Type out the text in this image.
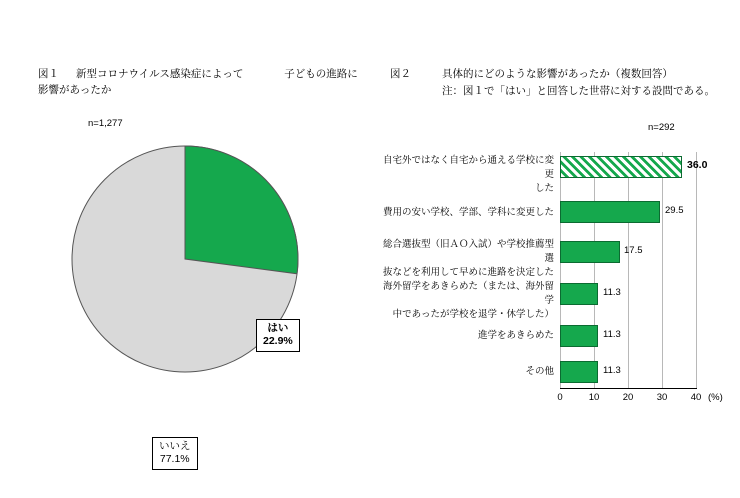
図１ 新型コロナウイルス感染症によって	子どもの進路に影響があったか
n=1,277
はい
22.9%
いいえ
77.1%
図２	具体的にどのような影響があったか（複数回答）
注：図１で「はい」と回答した世帯に対する設問である。
n=292
自宅外ではなく自宅から通える学校に変更
した
36.0
費用の安い学校、学部、学科に変更した	29.5
総合選抜型（旧ＡＯ入試）や学校推薦型選
抜などを利用して早めに進路を決定した
17.5
海外留学をあきらめた（または、海外留学
中であったが学校を退学・休学した）
11.3
進学をあきらめた	11.3
その他	11.3
0	10	20	30	40 (%)
